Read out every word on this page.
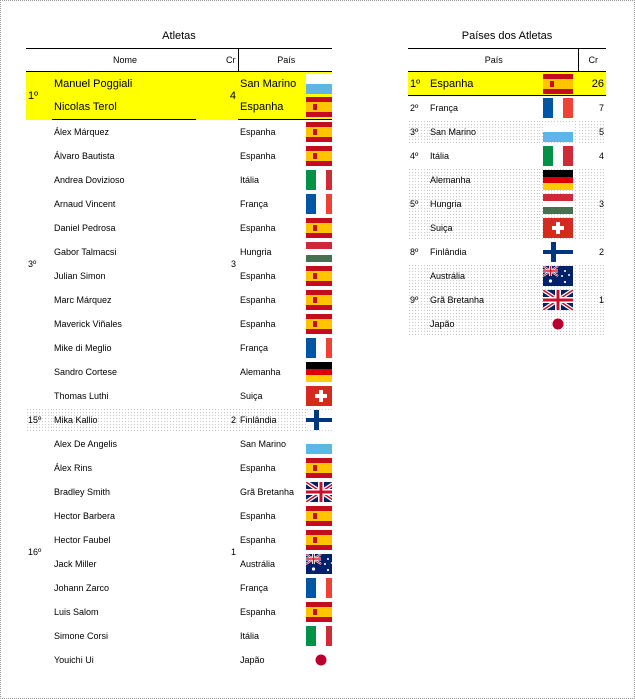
Atletas	Países dos Atletas
	Nome	Cr	País	
1º	Manuel Poggiali	4	San Marino	

	Nicolas Terol		Espanha	

3º	Álex Márquez	3	Espanha	

	Álvaro Bautista		Espanha	

	Andrea Dovizioso		Itália	

	Arnaud Vincent		França	

	Daniel Pedrosa		Espanha	

	Gabor Talmacsi		Hungria	

	Julian Simon		Espanha	

	Marc Márquez		Espanha	

	Maverick Viñales		Espanha	

	Mike di Meglio		França	

	Sandro Cortese		Alemanha	

	Thomas Luthi		Suiça	

15º	Mika Kallio	2	Finlândia	

16º	Alex De Angelis	1	San Marino	

	Álex Rins		Espanha	

	Bradley Smith		Grã Bretanha	

	Hector Barbera		Espanha	

	Hector Faubel		Espanha	

	Jack Miller		Austrália	

	Johann Zarco		França	

	Luis Salom		Espanha	

	Simone Corsi		Itália	

	Youichi Ui		Japão	
País			Cr
1º	Espanha		26
2º	França		7
3º	San Marino		5
4º	Itália		4
	Alemanha	

5º	Hungria		3
	Suiça	

8º	Finlândia		2
	Austrália	

9º	Grã Bretanha		1
	Japão	
